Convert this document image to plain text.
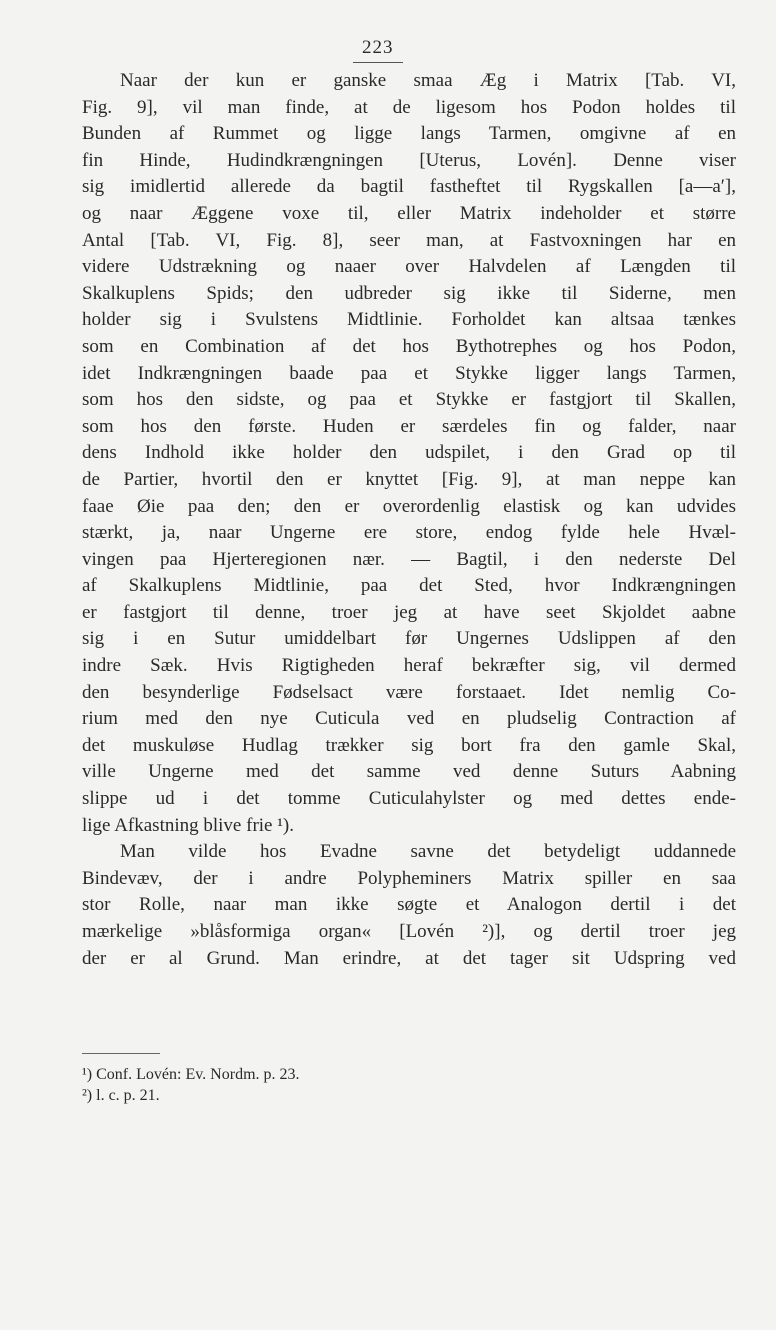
223
Naar der kun er ganske smaa Æg i Matrix [Tab. VI,
Fig. 9], vil man finde, at de ligesom hos Podon holdes til
Bunden af Rummet og ligge langs Tarmen, omgivne af en
fin Hinde, Hudindkrængningen [Uterus, Lovén]. Denne viser
sig imidlertid allerede da bagtil fastheftet til Rygskallen [a—a′],
og naar Æggene voxe til, eller Matrix indeholder et større
Antal [Tab. VI, Fig. 8], seer man, at Fastvoxningen har en
videre Udstrækning og naaer over Halvdelen af Længden til
Skalkuplens Spids; den udbreder sig ikke til Siderne, men
holder sig i Svulstens Midtlinie. Forholdet kan altsaa tænkes
som en Combination af det hos Bythotrephes og hos Podon,
idet Indkrængningen baade paa et Stykke ligger langs Tarmen,
som hos den sidste, og paa et Stykke er fastgjort til Skallen,
som hos den første. Huden er særdeles fin og falder, naar
dens Indhold ikke holder den udspilet, i den Grad op til
de Partier, hvortil den er knyttet [Fig. 9], at man neppe kan
faae Øie paa den; den er overordenlig elastisk og kan udvides
stærkt, ja, naar Ungerne ere store, endog fylde hele Hvæl-
vingen paa Hjerteregionen nær. — Bagtil, i den nederste Del
af Skalkuplens Midtlinie, paa det Sted, hvor Indkrængningen
er fastgjort til denne, troer jeg at have seet Skjoldet aabne
sig i en Sutur umiddelbart før Ungernes Udslippen af den
indre Sæk. Hvis Rigtigheden heraf bekræfter sig, vil dermed
den besynderlige Fødselsact være forstaaet. Idet nemlig Co-
rium med den nye Cuticula ved en pludselig Contraction af
det muskuløse Hudlag trækker sig bort fra den gamle Skal,
ville Ungerne med det samme ved denne Suturs Aabning
slippe ud i det tomme Cuticulahylster og med dettes ende-
lige Afkastning blive frie ¹).
Man vilde hos Evadne savne det betydeligt uddannede
Bindevæv, der i andre Polypheminers Matrix spiller en saa
stor Rolle, naar man ikke søgte et Analogon dertil i det
mærkelige »blåsformiga organ« [Lovén ²)], og dertil troer jeg
der er al Grund. Man erindre, at det tager sit Udspring ved
¹) Conf. Lovén: Ev. Nordm. p. 23.
²) l. c. p. 21.
